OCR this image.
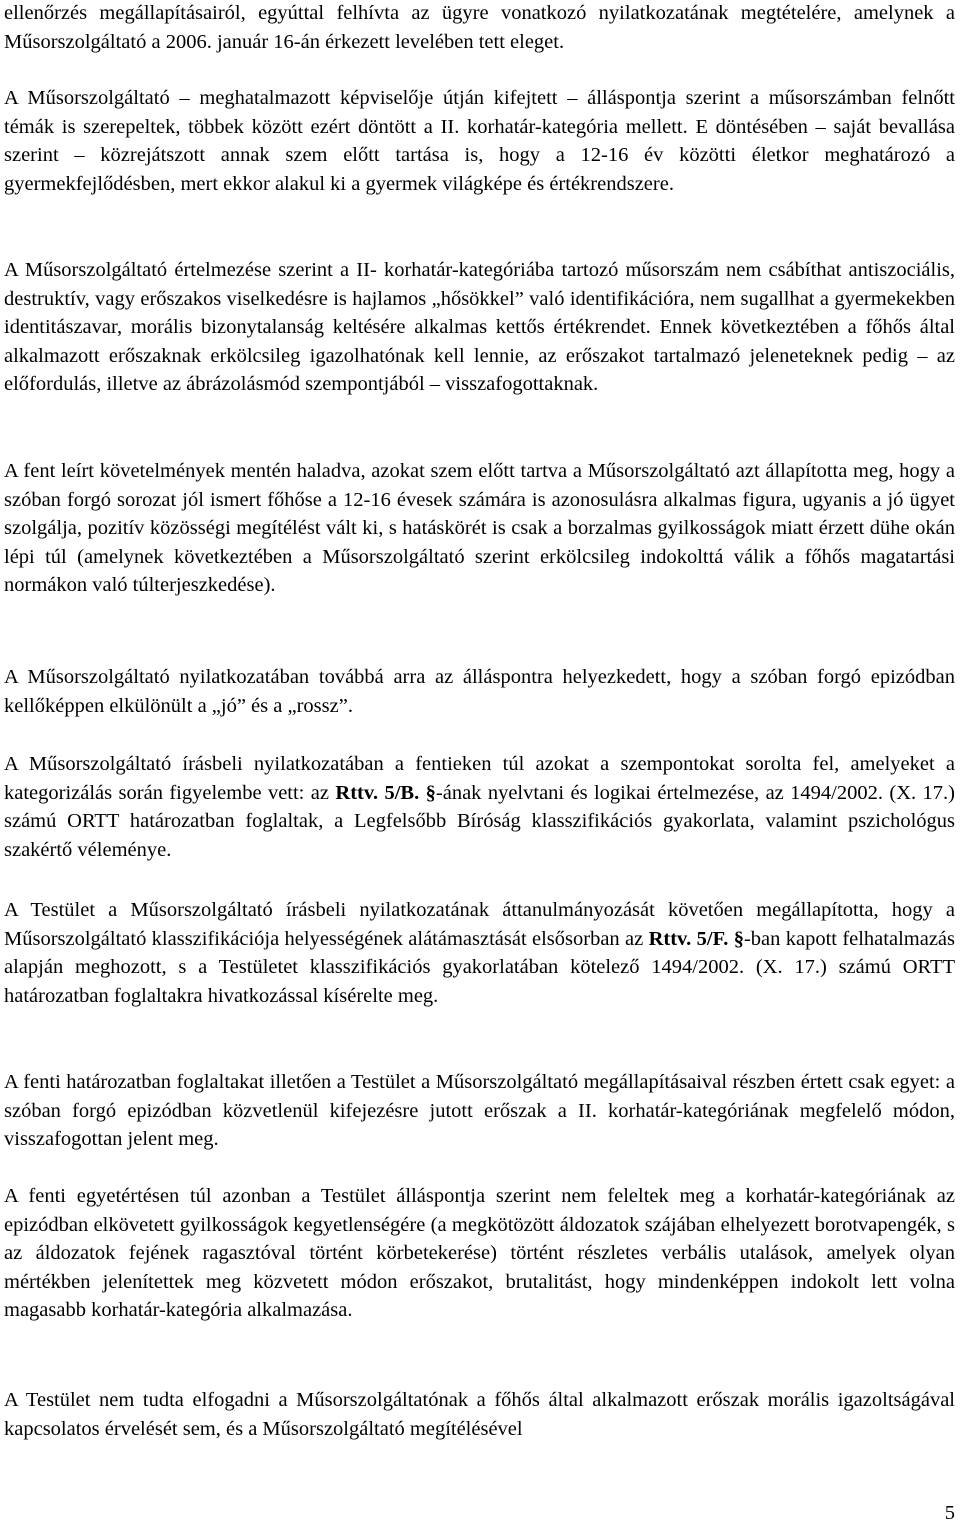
ellenőrzés megállapításairól, egyúttal felhívta az ügyre vonatkozó nyilatkozatának megtételére, amelynek a Műsorszolgáltató a 2006. január 16-án érkezett levelében tett eleget.

A Műsorszolgáltató – meghatalmazott képviselője útján kifejtett – álláspontja szerint a műsorszámban felnőtt témák is szerepeltek, többek között ezért döntött a II. korhatár-kategória mellett. E döntésében – saját bevallása szerint – közrejátszott annak szem előtt tartása is, hogy a 12-16 év közötti életkor meghatározó a gyermekfejlődésben, mert ekkor alakul ki a gyermek világképe és értékrendszere.

A Műsorszolgáltató értelmezése szerint a II- korhatár-kategóriába tartozó műsorszám nem csábíthat antiszociális, destruktív, vagy erőszakos viselkedésre is hajlamos „hősökkel” való identifikációra, nem sugallhat a gyermekekben identitászavar, morális bizonytalanság keltésére alkalmas kettős értékrendet. Ennek következtében a főhős által alkalmazott erőszaknak erkölcsileg igazolhatónak kell lennie, az erőszakot tartalmazó jeleneteknek pedig – az előfordulás, illetve az ábrázolásmód szempontjából – visszafogottaknak.

A fent leírt követelmények mentén haladva, azokat szem előtt tartva a Műsorszolgáltató azt állapította meg, hogy a szóban forgó sorozat jól ismert főhőse a 12-16 évesek számára is azonosulásra alkalmas figura, ugyanis a jó ügyet szolgálja, pozitív közösségi megítélést vált ki, s hatáskörét is csak a borzalmas gyilkosságok miatt érzett dühe okán lépi túl (amelynek következtében a Műsorszolgáltató szerint erkölcsileg indokolttá válik a főhős magatartási normákon való túlterjeszkedése).

A Műsorszolgáltató nyilatkozatában továbbá arra az álláspontra helyezkedett, hogy a szóban forgó epizódban kellőképpen elkülönült a „jó” és a „rossz”.

A Műsorszolgáltató írásbeli nyilatkozatában a fentieken túl azokat a szempontokat sorolta fel, amelyeket a kategorizálás során figyelembe vett: az Rttv. 5/B. §-ának nyelvtani és logikai értelmezése, az 1494/2002. (X. 17.) számú ORTT határozatban foglaltak, a Legfelsőbb Bíróság klasszifikációs gyakorlata, valamint pszichológus szakértő véleménye.

A Testület a Műsorszolgáltató írásbeli nyilatkozatának áttanulmányozását követően megállapította, hogy a Műsorszolgáltató klasszifikációja helyességének alátámasztását elsősorban az Rttv. 5/F. §-ban kapott felhatalmazás alapján meghozott, s a Testületet klasszifikációs gyakorlatában kötelező 1494/2002. (X. 17.) számú ORTT határozatban foglaltakra hivatkozással kísérelte meg.

A fenti határozatban foglaltakat illetően a Testület a Műsorszolgáltató megállapításaival részben értett csak egyet: a szóban forgó epizódban közvetlenül kifejezésre jutott erőszak a II. korhatár-kategóriának megfelelő módon, visszafogottan jelent meg.

A fenti egyetértésen túl azonban a Testület álláspontja szerint nem feleltek meg a korhatár-kategóriának az epizódban elkövetett gyilkosságok kegyetlenségére (a megkötözött áldozatok szájában elhelyezett borotvapengék, s az áldozatok fejének ragasztóval történt körbetekerése) történt részletes verbális utalások, amelyek olyan mértékben jelenítettek meg közvetett módon erőszakot, brutalitást, hogy mindenképpen indokolt lett volna magasabb korhatár-kategória alkalmazása.

A Testület nem tudta elfogadni a Műsorszolgáltatónak a főhős által alkalmazott erőszak morális igazoltságával kapcsolatos érvelését sem, és a Műsorszolgáltató megítélésével

5
